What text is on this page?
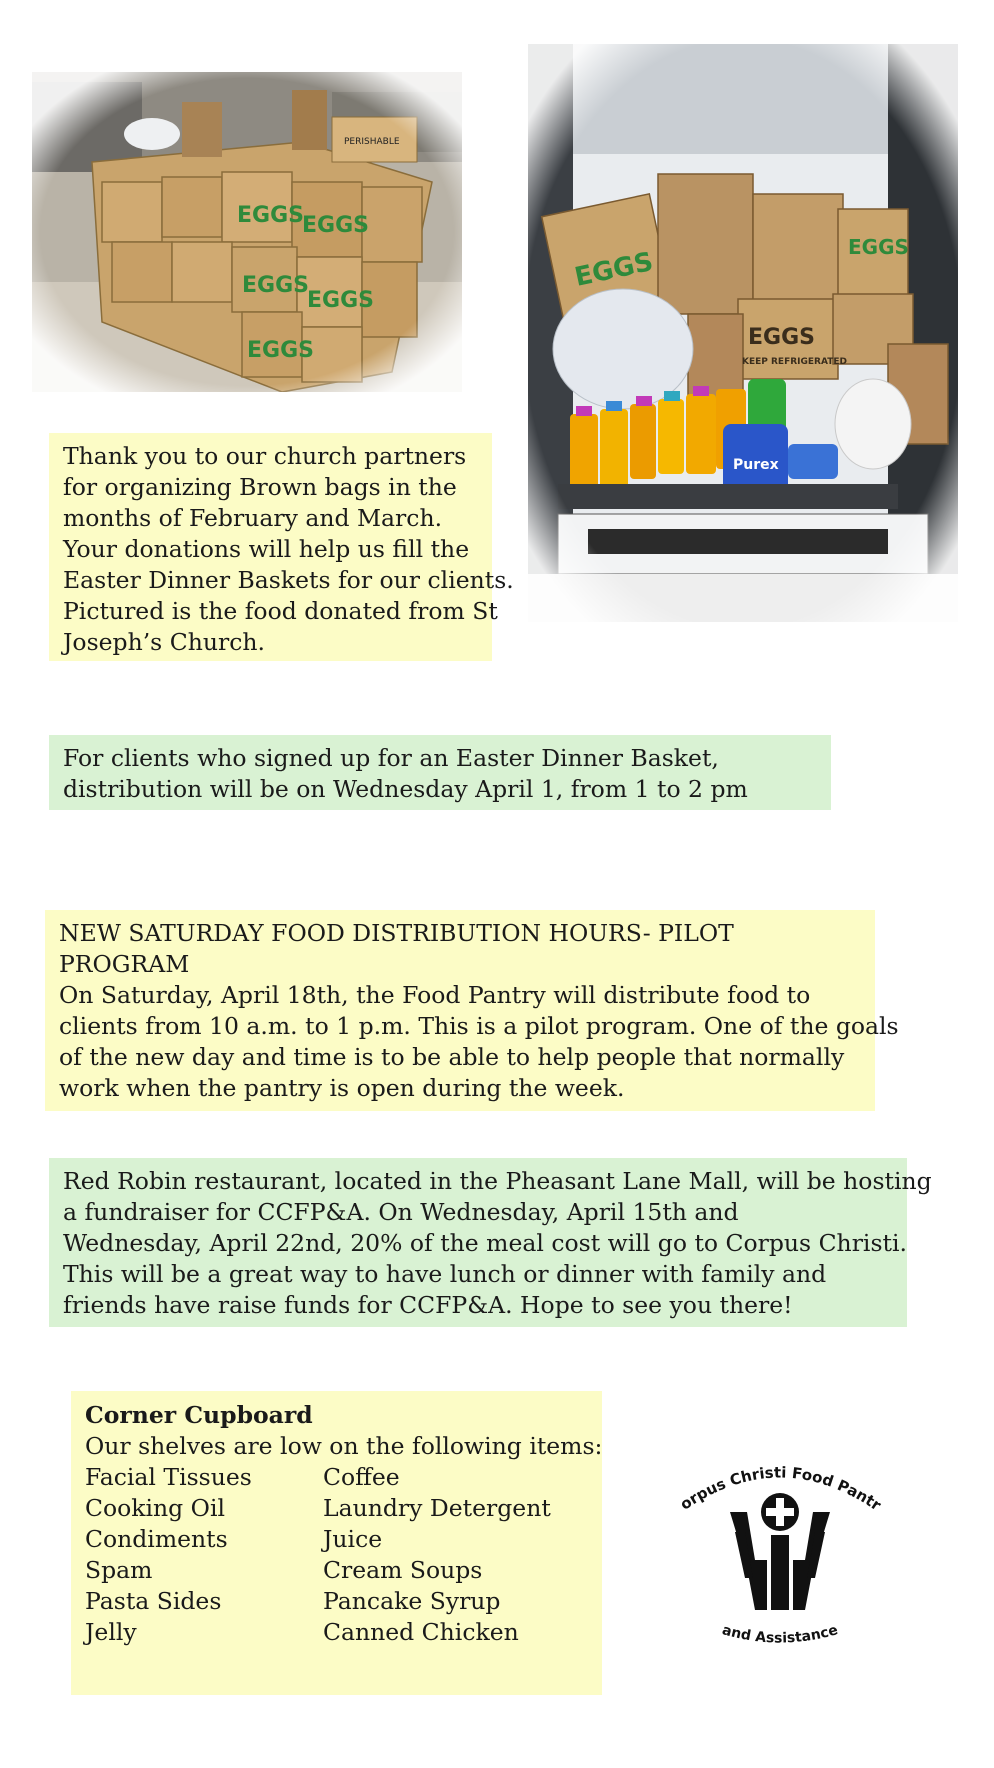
Thank you to our church partners
for organizing Brown bags in the
months of February and March.
Your donations will help us fill the
Easter Dinner Baskets for our clients.
Pictured is the food donated from St
Joseph’s Church.
For clients who signed up for an Easter Dinner Basket,
distribution will be on Wednesday April 1, from 1 to 2 pm
NEW SATURDAY FOOD DISTRIBUTION HOURS- PILOT
PROGRAM
On Saturday, April 18th, the Food Pantry will distribute food to
clients from 10 a.m. to 1 p.m. This is a pilot program. One of the goals
of the new day and time is to be able to help people that normally
work when the pantry is open during the week.
Red Robin restaurant, located in the Pheasant Lane Mall, will be hosting
a fundraiser for CCFP&A. On Wednesday, April 15th and
Wednesday, April 22nd, 20% of the meal cost will go to Corpus Christi.
This will be a great way to have lunch or dinner with family and
friends have raise funds for CCFP&A. Hope to see you there!
Corner Cupboard
Our shelves are low on the following items:
Facial Tissues	Coffee
Cooking Oil	Laundry Detergent
Condiments	Juice
Spam	Cream Soups
Pasta Sides	Pancake Syrup
Jelly	Canned Chicken
orpus Christi Food Pantr
and Assistance
